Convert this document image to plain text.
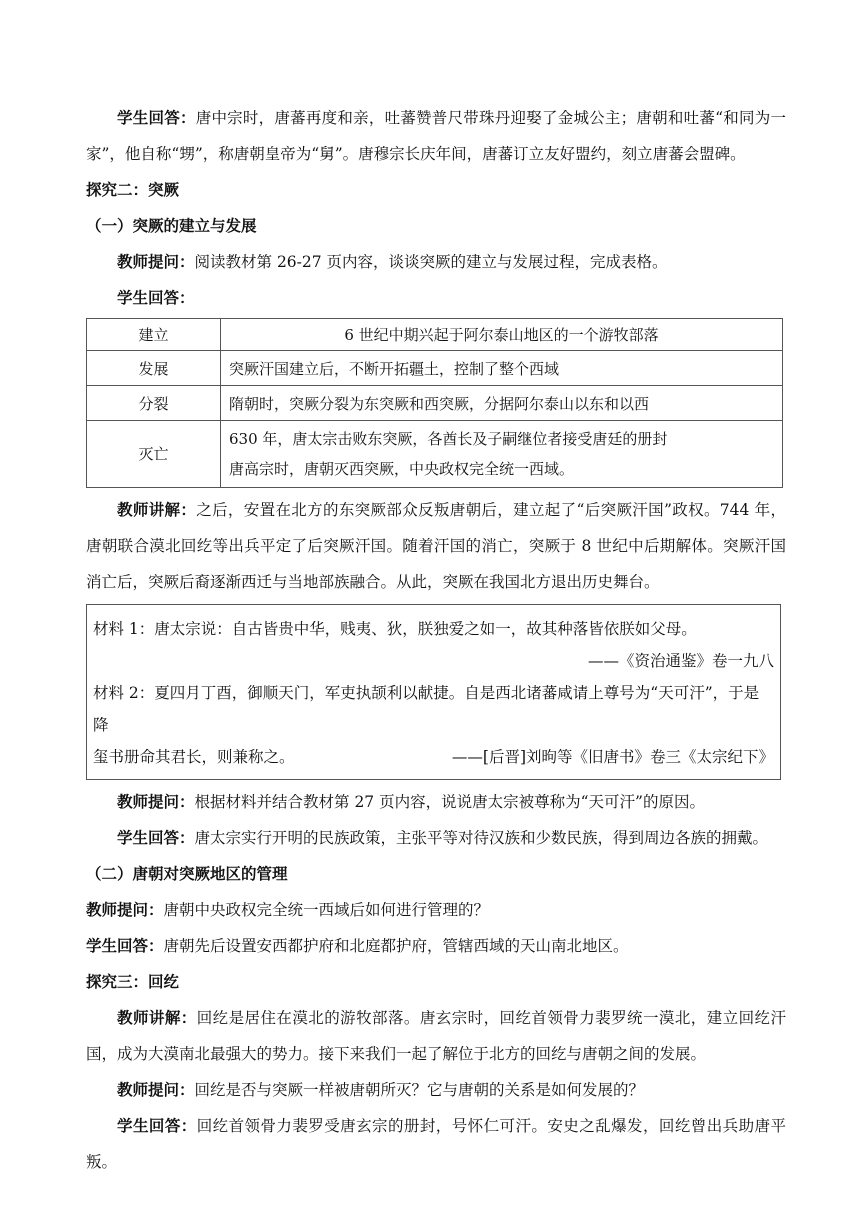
学生回答：唐中宗时，唐蕃再度和亲，吐蕃赞普尺带珠丹迎娶了金城公主；唐朝和吐蕃“和同为一家”，他自称“甥”，称唐朝皇帝为“舅”。唐穆宗长庆年间，唐蕃订立友好盟约，刻立唐蕃会盟碑。

探究二：突厥

（一）突厥的建立与发展

教师提问：阅读教材第 26-27 页内容，谈谈突厥的建立与发展过程，完成表格。

学生回答：

建立	6 世纪中期兴起于阿尔泰山地区的一个游牧部落
发展	突厥汗国建立后，不断开拓疆土，控制了整个西域
分裂	隋朝时，突厥分裂为东突厥和西突厥，分据阿尔泰山以东和以西
灭亡	630 年，唐太宗击败东突厥，各酋长及子嗣继位者接受唐廷的册封
唐高宗时，唐朝灭西突厥，中央政权完全统一西域。

教师讲解：之后，安置在北方的东突厥部众反叛唐朝后，建立起了“后突厥汗国”政权。744 年，唐朝联合漠北回纥等出兵平定了后突厥汗国。随着汗国的消亡，突厥于 8 世纪中后期解体。突厥汗国消亡后，突厥后裔逐渐西迁与当地部族融合。从此，突厥在我国北方退出历史舞台。

材料 1：唐太宗说：自古皆贵中华，贱夷、狄，朕独爱之如一，故其种落皆依朕如父母。

——《资治通鉴》卷一九八

材料 2：夏四月丁酉，御顺天门，军吏执颉利以献捷。自是西北诸蕃咸请上尊号为“天可汗”，于是降

玺书册命其君长，则兼称之。	——[后晋]刘昫等《旧唐书》卷三《太宗纪下》

教师提问：根据材料并结合教材第 27 页内容，说说唐太宗被尊称为“天可汗”的原因。

学生回答：唐太宗实行开明的民族政策，主张平等对待汉族和少数民族，得到周边各族的拥戴。

（二）唐朝对突厥地区的管理

教师提问：唐朝中央政权完全统一西域后如何进行管理的？

学生回答：唐朝先后设置安西都护府和北庭都护府，管辖西域的天山南北地区。

探究三：回纥

教师讲解：回纥是居住在漠北的游牧部落。唐玄宗时，回纥首领骨力裴罗统一漠北，建立回纥汗国，成为大漠南北最强大的势力。接下来我们一起了解位于北方的回纥与唐朝之间的发展。

教师提问：回纥是否与突厥一样被唐朝所灭？它与唐朝的关系是如何发展的？

学生回答：回纥首领骨力裴罗受唐玄宗的册封，号怀仁可汗。安史之乱爆发，回纥曾出兵助唐平叛。
